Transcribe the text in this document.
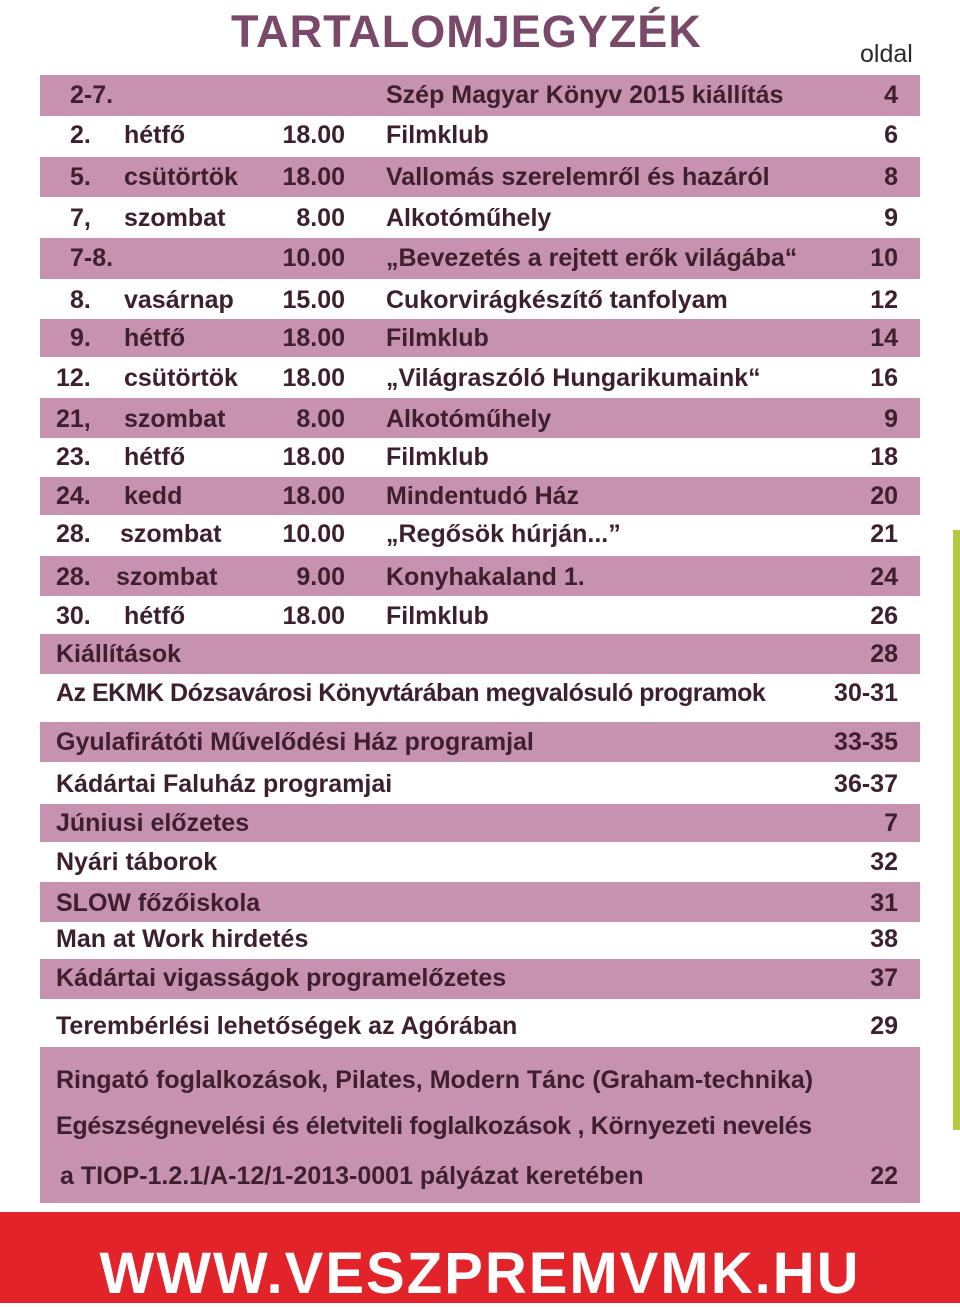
TARTALOMJEGYZÉK	oldal
2-7.	Szép Magyar Könyv 2015 kiállítás	4
2. hétfő	18.00 Filmklub	6
5. csütörtök 18.00 Vallomás szerelemről és hazáról	8
7, szombat	8.00 Alkotóműhely	9
7-8.	10.00 „Bevezetés a rejtett erők világába“	10
8. vasárnap 15.00 Cukorvirágkészítő tanfolyam	12
9. hétfő	18.00 Filmklub	14
12. csütörtök 18.00 „Világraszóló Hungarikumaink“	16
21, szombat	8.00 Alkotóműhely	9
23. hétfő	18.00 Filmklub	18
24. kedd	18.00 Mindentudó Ház	20
28. szombat 10.00 „Regősök húrján...”	21
28. szombat	9.00 Konyhakaland 1.	24
30. hétfő	18.00 Filmklub	26
Kiállítások	28
Az EKMK Dózsavárosi Könyvtárában megvalósuló programok	30-31
Gyulafirátóti Művelődési Ház programjal	33-35
Kádártai Faluház programjai	36-37
Júniusi előzetes	7
Nyári táborok	32
SLOW főzőiskola	31
Man at Work hirdetés	38
Kádártai vigasságok programelőzetes	37
Terembérlési lehetőségek az Agórában	29
Ringató foglalkozások, Pilates, Modern Tánc (Graham-technika)
Egészségnevelési és életviteli foglalkozások , Környezeti nevelés
a TIOP-1.2.1/A-12/1-2013-0001 pályázat keretében	22
WWW.VESZPREMVMK.HU
